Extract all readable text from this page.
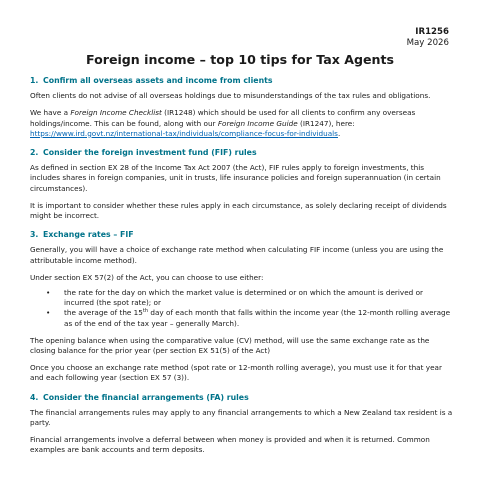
IR1256
May 2026
Foreign income – top 10 tips for Tax Agents
1. Confirm all overseas assets and income from clients

Often clients do not advise of all overseas holdings due to misunderstandings of the tax rules and obligations.

We have a Foreign Income Checklist (IR1248) which should be used for all clients to confirm any overseas holdings/income. This can be found, along with our Foreign Income Guide (IR1247), here: https://www.ird.govt.nz/international-tax/individuals/compliance-focus-for-individuals.

2. Consider the foreign investment fund (FIF) rules

As defined in section EX 28 of the Income Tax Act 2007 (the Act), FIF rules apply to foreign investments, this includes shares in foreign companies, unit in trusts, life insurance policies and foreign superannuation (in certain circumstances).

It is important to consider whether these rules apply in each circumstance, as solely declaring receipt of dividends might be incorrect.

3. Exchange rates – FIF

Generally, you will have a choice of exchange rate method when calculating FIF income (unless you are using the attributable income method).

Under section EX 57(2) of the Act, you can choose to use either:

• the rate for the day on which the market value is determined or on which the amount is derived or incurred (the spot rate); or
• the average of the 15th day of each month that falls within the income year (the 12-month rolling average as of the end of the tax year – generally March).

The opening balance when using the comparative value (CV) method, will use the same exchange rate as the closing balance for the prior year (per section EX 51(5) of the Act)

Once you choose an exchange rate method (spot rate or 12-month rolling average), you must use it for that year and each following year (section EX 57 (3)).

4. Consider the financial arrangements (FA) rules

The financial arrangements rules may apply to any financial arrangements to which a New Zealand tax resident is a party.

Financial arrangements involve a deferral between when money is provided and when it is returned. Common examples are bank accounts and term deposits.
